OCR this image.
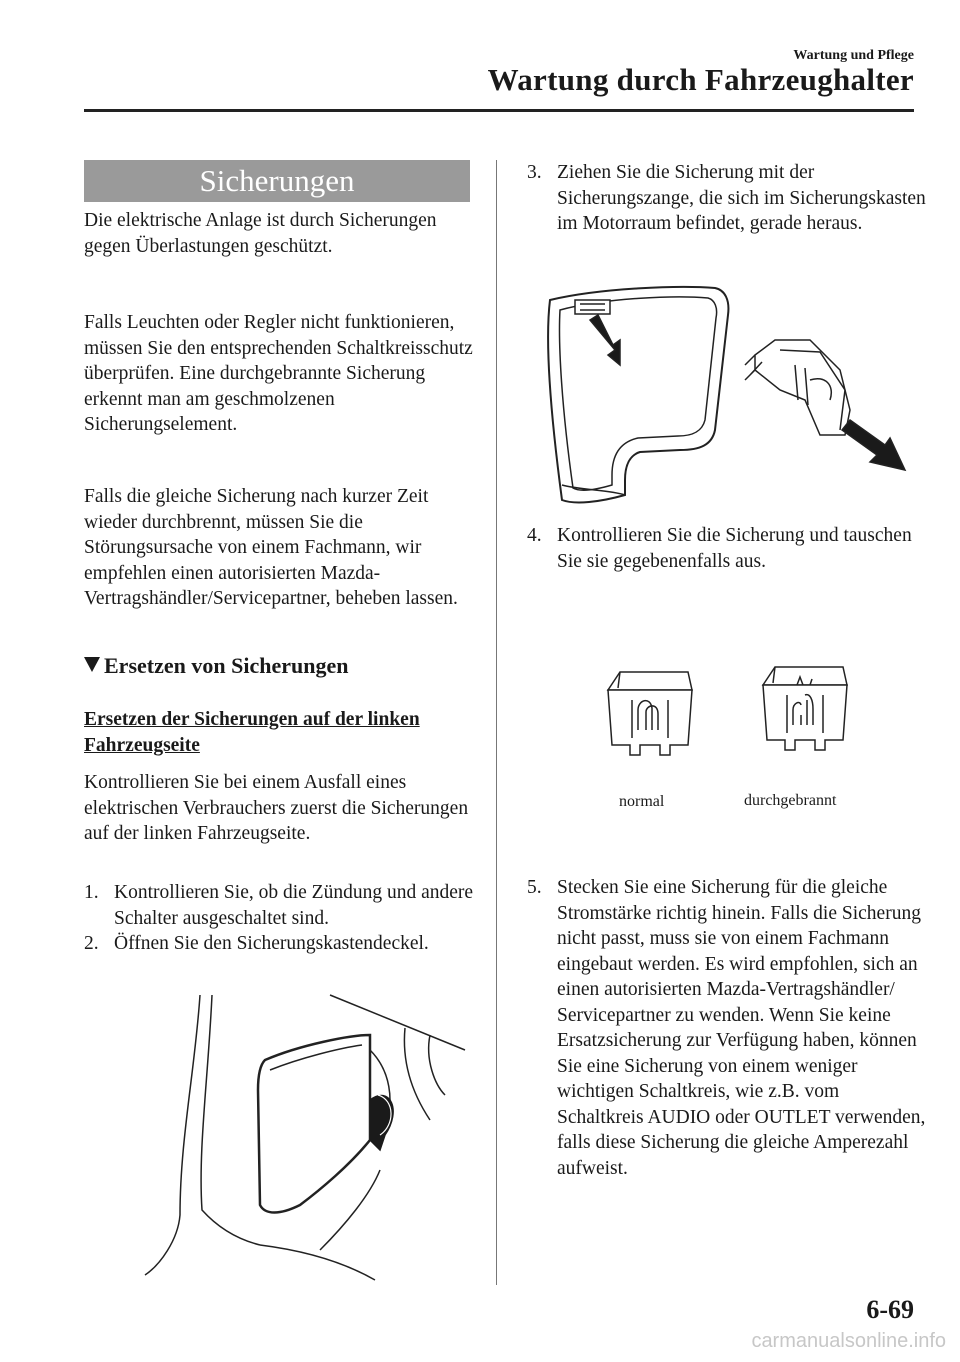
Wartung und Pflege
Wartung durch Fahrzeughalter
Sicherungen

Die elektrische Anlage ist durch Sicherungen gegen Überlastungen geschützt.

Falls Leuchten oder Regler nicht funktionieren, müssen Sie den entsprechenden Schaltkreisschutz überprüfen. Eine durchgebrannte Sicherung erkennt man am geschmolzenen Sicherungselement.

Falls die gleiche Sicherung nach kurzer Zeit wieder durchbrennt, müssen Sie die Störungsursache von einem Fachmann, wir empfehlen einen autorisierten Mazda-Vertragshändler/Servicepartner, beheben lassen.

Ersetzen von Sicherungen
Ersetzen der Sicherungen auf der linken Fahrzeugseite

Kontrollieren Sie bei einem Ausfall eines elektrischen Verbrauchers zuerst die Sicherungen auf der linken Fahrzeugseite.

1. Kontrollieren Sie, ob die Zündung und andere Schalter ausgeschaltet sind.
2. Öffnen Sie den Sicherungskastendeckel.
3. Ziehen Sie die Sicherung mit der Sicherungszange, die sich im Sicherungskasten im Motorraum befindet, gerade heraus.
4. Kontrollieren Sie die Sicherung und tauschen Sie sie gegebenenfalls aus.
normal	durchgebrannt
5. Stecken Sie eine Sicherung für die gleiche Stromstärke richtig hinein. Falls die Sicherung nicht passt, muss sie von einem Fachmann eingebaut werden. Es wird empfohlen, sich an einen autorisierten Mazda-Vertragshändler/ Servicepartner zu wenden. Wenn Sie keine Ersatzsicherung zur Verfügung haben, können Sie eine Sicherung von einem weniger wichtigen Schaltkreis, wie z.B. vom Schaltkreis AUDIO oder OUTLET verwenden, falls diese Sicherung die gleiche Amperezahl aufweist.
6-69
carmanualsonline.info
